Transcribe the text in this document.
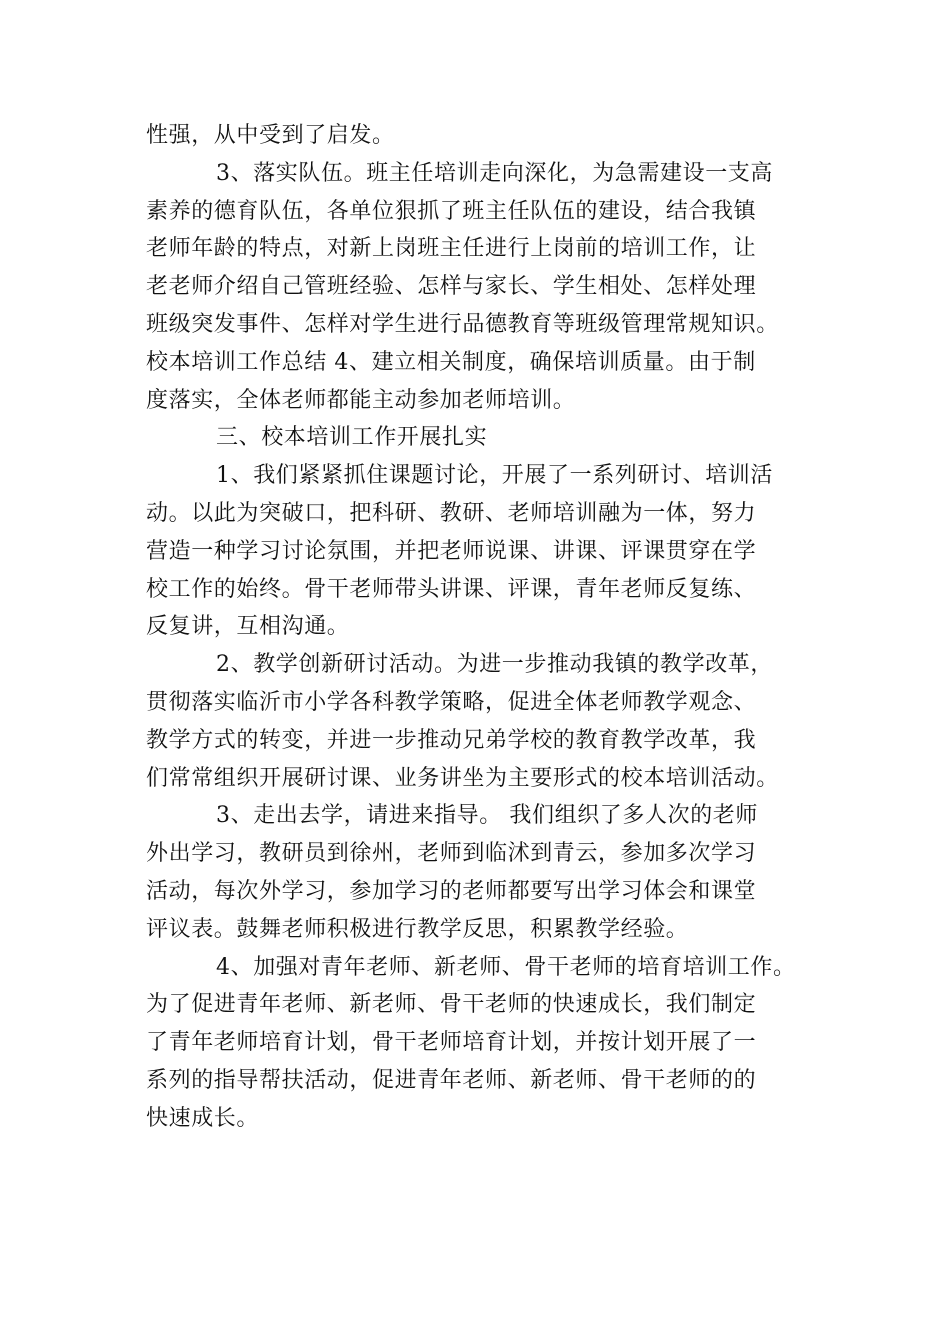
性强，从中受到了启发。
3、落实队伍。班主任培训走向深化，为急需建设一支高
素养的德育队伍，各单位狠抓了班主任队伍的建设，结合我镇
老师年龄的特点，对新上岗班主任进行上岗前的培训工作，让
老老师介绍自己管班经验、怎样与家长、学生相处、怎样处理
班级突发事件、怎样对学生进行品德教育等班级管理常规知识。
校本培训工作总结 4、建立相关制度，确保培训质量。由于制
度落实，全体老师都能主动参加老师培训。
三、校本培训工作开展扎实
1、我们紧紧抓住课题讨论，开展了一系列研讨、培训活
动。以此为突破口，把科研、教研、老师培训融为一体，努力
营造一种学习讨论氛围，并把老师说课、讲课、评课贯穿在学
校工作的始终。骨干老师带头讲课、评课，青年老师反复练、
反复讲，互相沟通。
2、教学创新研讨活动。为进一步推动我镇的教学改革，
贯彻落实临沂市小学各科教学策略，促进全体老师教学观念、
教学方式的转变，并进一步推动兄弟学校的教育教学改革，我
们常常组织开展研讨课、业务讲坐为主要形式的校本培训活动。
3、走出去学，请进来指导。 我们组织了多人次的老师
外出学习，教研员到徐州，老师到临沭到青云，参加多次学习
活动，每次外学习，参加学习的老师都要写出学习体会和课堂
评议表。鼓舞老师积极进行教学反思，积累教学经验。
4、加强对青年老师、新老师、骨干老师的培育培训工作。
为了促进青年老师、新老师、骨干老师的快速成长，我们制定
了青年老师培育计划，骨干老师培育计划，并按计划开展了一
系列的指导帮扶活动，促进青年老师、新老师、骨干老师的的
快速成长。
